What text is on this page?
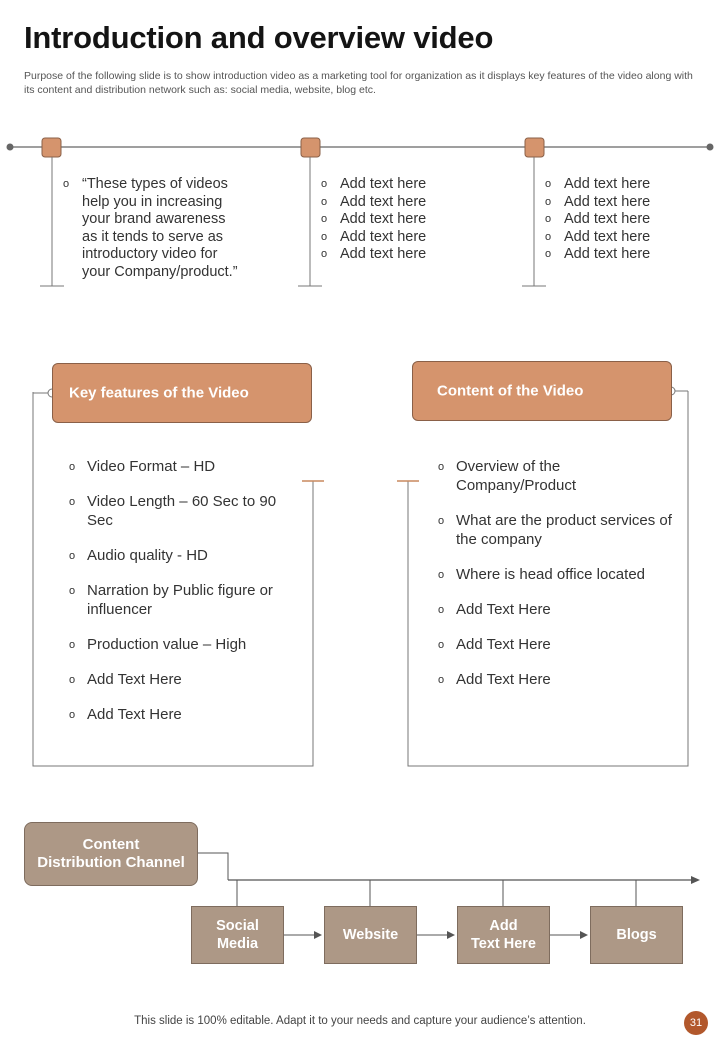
Introduction and overview video
Purpose of the following slide is to show introduction video as a marketing tool for organization as it displays key features of the video along with its content and distribution network such as: social media, website, blog etc.
o “These types of videos
help you in increasing
your brand awareness
as it tends to serve as
introductory video for
your Company/product.”
o Add text here
o Add text here
o Add text here
o Add text here
o Add text here
o Add text here
o Add text here
o Add text here
o Add text here
o Add text here
Key features of the Video
o Video Format – HD
o Video Length – 60 Sec to 90 Sec
o Audio quality - HD
o Narration by Public figure or influencer
o Production value – High
o Add Text Here
o Add Text Here
Content of the Video
o Overview of the Company/Product
o What are the product services of the company
o Where is head office located
o Add Text Here
o Add Text Here
o Add Text Here
Content
Distribution Channel
Social
Media
Website
Add
Text Here
Blogs
This slide is 100% editable. Adapt it to your needs and capture your audience’s attention.	31
